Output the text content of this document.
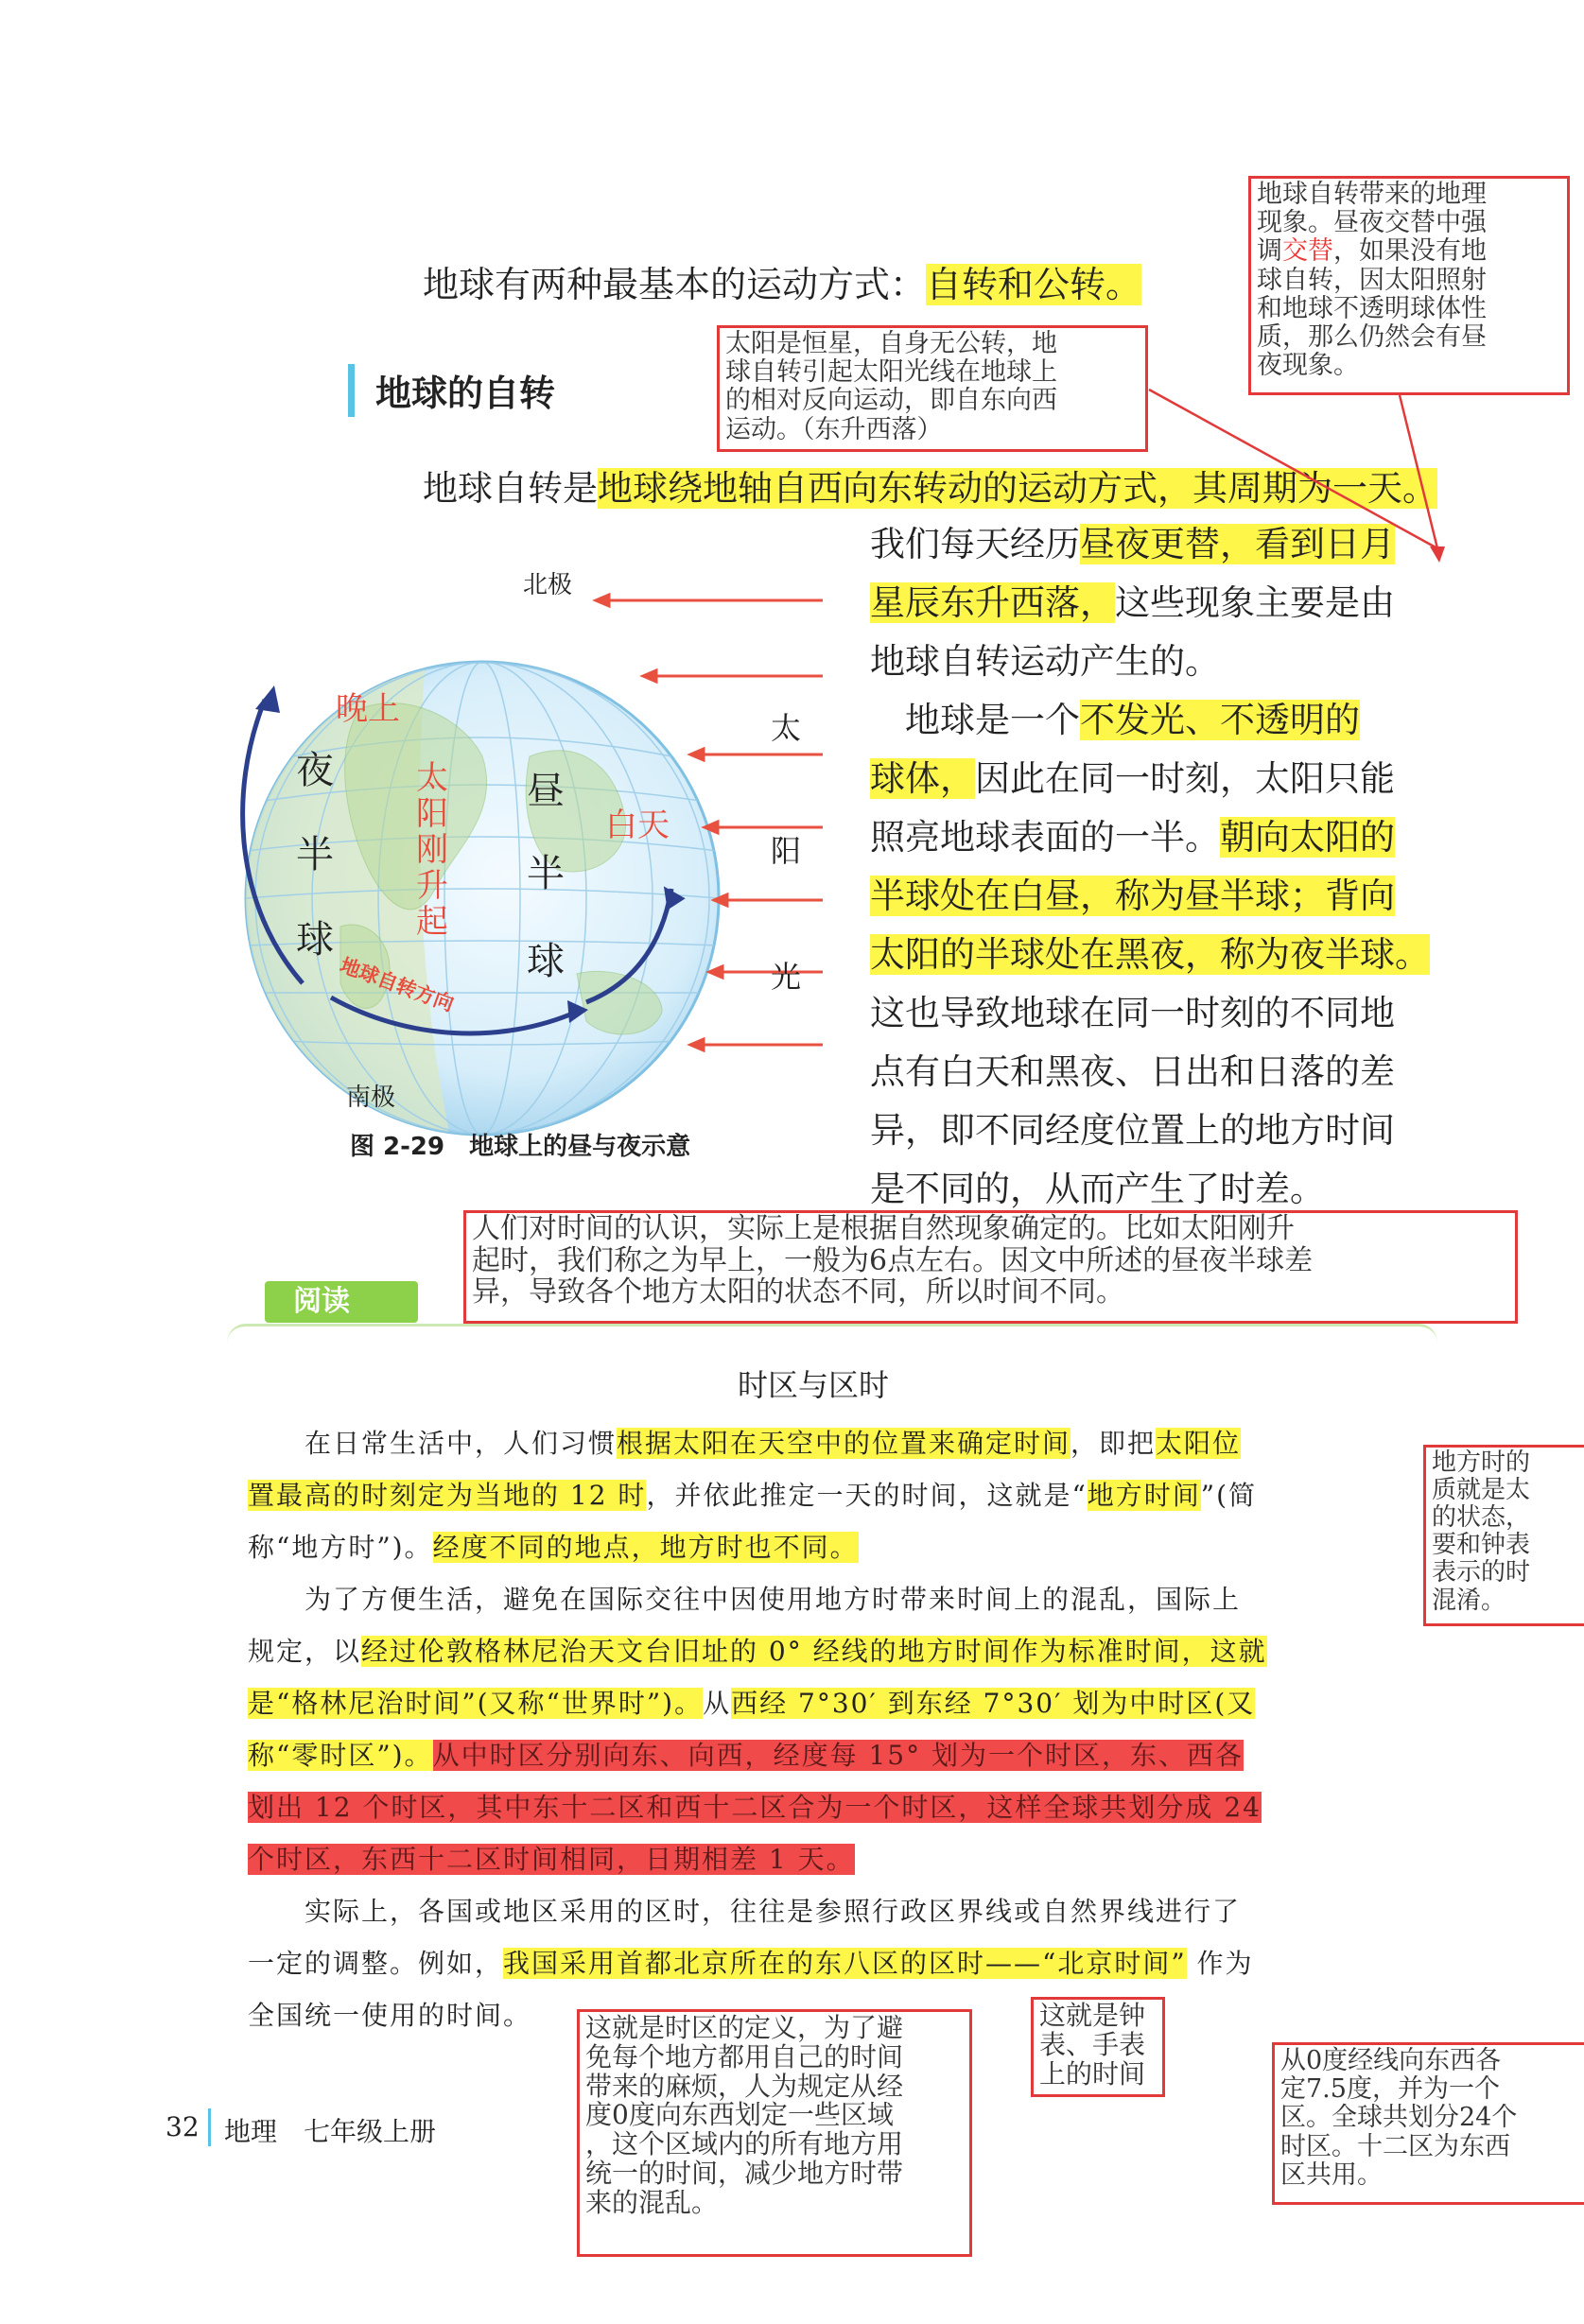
地球有两种最基本的运动方式：自转和公转。
地球的自转
地球自转是地球绕地轴自西向东转动的运动方式，其周期为一天。
我们每天经历昼夜更替，看到日月
星辰东升西落，这些现象主要是由
地球自转运动产生的。
　地球是一个不发光、不透明的
球体，因此在同一时刻，太阳只能
照亮地球表面的一半。朝向太阳的
半球处在白昼，称为昼半球；背向
太阳的半球处在黑夜，称为夜半球。
这也导致地球在同一时刻的不同地
点有白天和黑夜、日出和日落的差
异，即不同经度位置上的地方时间
是不同的，从而产生了时差。
北极
南极
图 2-29　地球上的昼与夜示意
太
阳
光
夜
半
球
昼
半
球
晚上
白天
太
阳
刚
升
起
地球自转方向
地球自转带来的地理
现象。昼夜交替中强
调交替，如果没有地
球自转，因太阳照射
和地球不透明球体性
质，那么仍然会有昼
夜现象。
太阳是恒星，自身无公转，地
球自转引起太阳光线在地球上
的相对反向运动，即自东向西
运动。（东升西落）
人们对时间的认识，实际上是根据自然现象确定的。比如太阳刚升
起时，我们称之为早上，一般为6点左右。因文中所述的昼夜半球差
异，导致各个地方太阳的状态不同，所以时间不同。
阅读
时区与区时
　　在日常生活中，人们习惯根据太阳在天空中的位置来确定时间，即把太阳位
置最高的时刻定为当地的 12 时，并依此推定一天的时间，这就是“地方时间”(简
称“地方时”)。经度不同的地点，地方时也不同。
　　为了方便生活，避免在国际交往中因使用地方时带来时间上的混乱，国际上
规定，以经过伦敦格林尼治天文台旧址的 0° 经线的地方时间作为标准时间，这就
是“格林尼治时间”(又称“世界时”)。从西经 7°30′ 到东经 7°30′ 划为中时区(又
称“零时区”)。从中时区分别向东、向西，经度每 15° 划为一个时区，东、西各
划出 12 个时区，其中东十二区和西十二区合为一个时区，这样全球共划分成 24
个时区，东西十二区时间相同，日期相差 1 天。
　　实际上，各国或地区采用的区时，往往是参照行政区界线或自然界线进行了
一定的调整。例如，我国采用首都北京所在的东八区的区时——“北京时间” 作为
全国统一使用的时间。
地方时的
质就是太
的状态，
要和钟表
表示的时
混淆。
这就是时区的定义，为了避
免每个地方都用自己的时间
带来的麻烦，人为规定从经
度0度向东西划定一些区域
，这个区域内的所有地方用
统一的时间，减少地方时带
来的混乱。
这就是钟
表、手表
上的时间	从0度经线向东西各
定7.5度，并为一个
区。全球共划分24个
时区。十二区为东西
区共用。
32 地理　七年级上册
